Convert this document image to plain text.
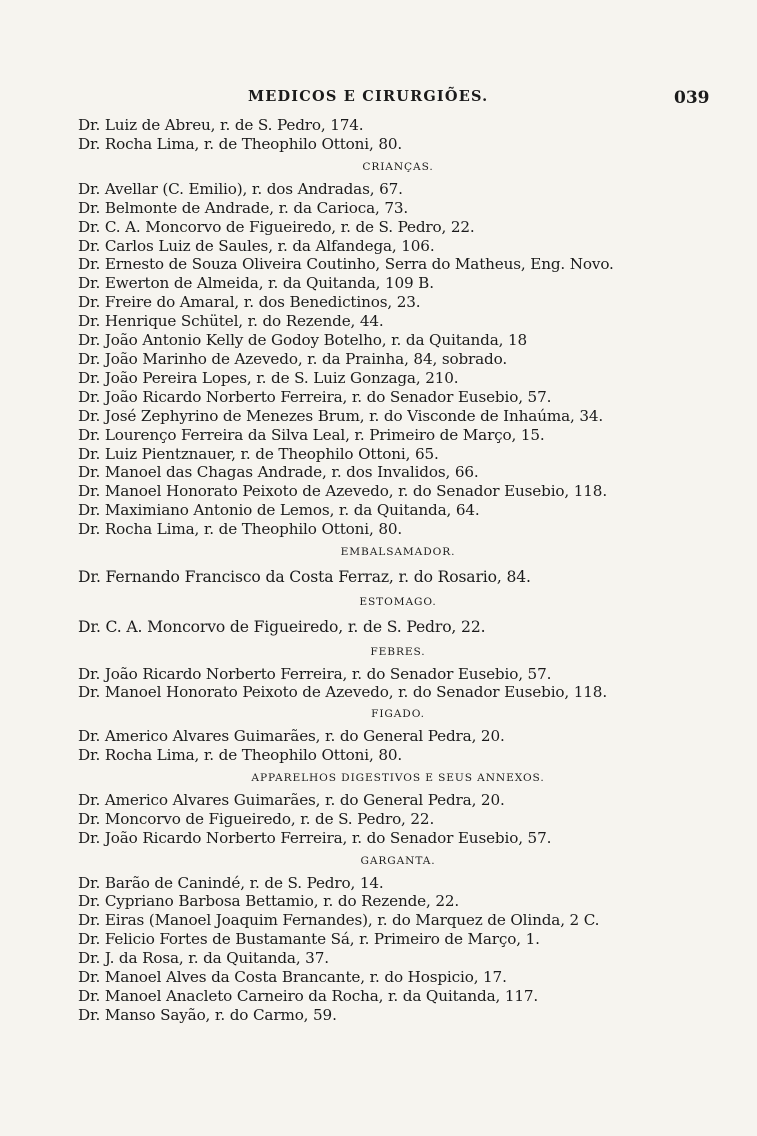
MEDICOS E CIRURGIÕES.	039
Dr. Luiz de Abreu, r. de S. Pedro, 174.
Dr. Rocha Lima, r. de Theophilo Ottoni, 80.
CRIANÇAS.
Dr. Avellar (C. Emilio), r. dos Andradas, 67.
Dr. Belmonte de Andrade, r. da Carioca, 73.
Dr. C. A. Moncorvo de Figueiredo, r. de S. Pedro, 22.
Dr. Carlos Luiz de Saules, r. da Alfandega, 106.
Dr. Ernesto de Souza Oliveira Coutinho, Serra do Matheus, Eng. Novo.
Dr. Ewerton de Almeida, r. da Quitanda, 109 B.
Dr. Freire do Amaral, r. dos Benedictinos, 23.
Dr. Henrique Schütel, r. do Rezende, 44.
Dr. João Antonio Kelly de Godoy Botelho, r. da Quitanda, 18
Dr. João Marinho de Azevedo, r. da Prainha, 84, sobrado.
Dr. João Pereira Lopes, r. de S. Luiz Gonzaga, 210.
Dr. João Ricardo Norberto Ferreira, r. do Senador Eusebio, 57.
Dr. José Zephyrino de Menezes Brum, r. do Visconde de Inhaúma, 34.
Dr. Lourenço Ferreira da Silva Leal, r. Primeiro de Março, 15.
Dr. Luiz Pientznauer, r. de Theophilo Ottoni, 65.
Dr. Manoel das Chagas Andrade, r. dos Invalidos, 66.
Dr. Manoel Honorato Peixoto de Azevedo, r. do Senador Eusebio, 118.
Dr. Maximiano Antonio de Lemos, r. da Quitanda, 64.
Dr. Rocha Lima, r. de Theophilo Ottoni, 80.
EMBALSAMADOR.
Dr. Fernando Francisco da Costa Ferraz, r. do Rosario, 84.
ESTOMAGO.
Dr. C. A. Moncorvo de Figueiredo, r. de S. Pedro, 22.
FEBRES.
Dr. João Ricardo Norberto Ferreira, r. do Senador Eusebio, 57.
Dr. Manoel Honorato Peixoto de Azevedo, r. do Senador Eusebio, 118.
FIGADO.
Dr. Americo Alvares Guimarães, r. do General Pedra, 20.
Dr. Rocha Lima, r. de Theophilo Ottoni, 80.
APPARELHOS DIGESTIVOS E SEUS ANNEXOS.
Dr. Americo Alvares Guimarães, r. do General Pedra, 20.
Dr. Moncorvo de Figueiredo, r. de S. Pedro, 22.
Dr. João Ricardo Norberto Ferreira, r. do Senador Eusebio, 57.
GARGANTA.
Dr. Barão de Canindé, r. de S. Pedro, 14.
Dr. Cypriano Barbosa Bettamio, r. do Rezende, 22.
Dr. Eiras (Manoel Joaquim Fernandes), r. do Marquez de Olinda, 2 C.
Dr. Felicio Fortes de Bustamante Sá, r. Primeiro de Março, 1.
Dr. J. da Rosa, r. da Quitanda, 37.
Dr. Manoel Alves da Costa Brancante, r. do Hospicio, 17.
Dr. Manoel Anacleto Carneiro da Rocha, r. da Quitanda, 117.
Dr. Manso Sayão, r. do Carmo, 59.
